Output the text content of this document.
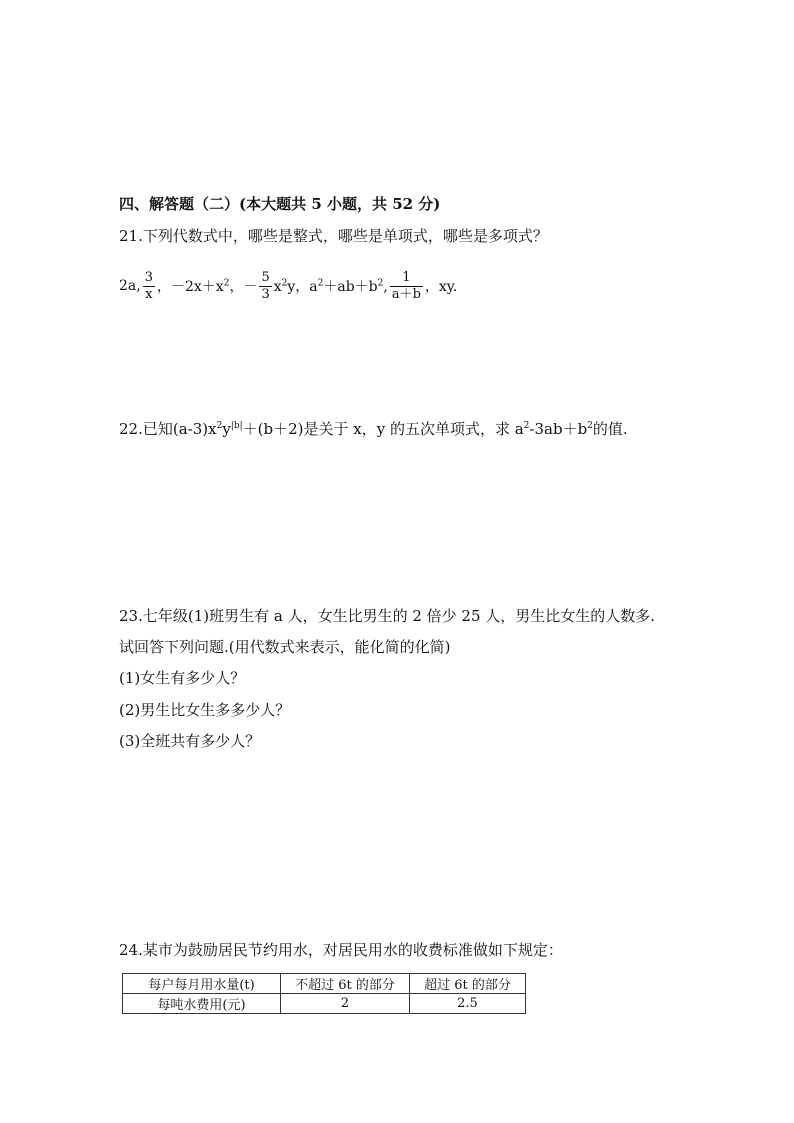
四、解答题（二）(本大题共 5 小题，共 52 分)
21.下列代数式中，哪些是整式，哪些是单项式，哪些是多项式？
2a, $\frac{3}{x}$ ，$-2x+x^2$ ，－ $\frac{5}{3} x^2y$，$a^2+ab+b^2$, $\frac{1}{a+b}$ ，xy.
22.已知$(a-3)x^2y^{|b|}+(b+2)$是关于 x，y 的五次单项式，求 $a^2-3ab+b^2$的值.
23.七年级(1)班男生有 a 人，女生比男生的 2 倍少 25 人，男生比女生的人数多.
试回答下列问题.(用代数式来表示，能化简的化简)
(1)女生有多少人？
(2)男生比女生多多少人？
(3)全班共有多少人？
24.某市为鼓励居民节约用水，对居民用水的收费标准做如下规定：
每户每月用水量(t)	不超过 6t 的部分	超过 6t 的部分
每吨水费用(元)	2	2.5
